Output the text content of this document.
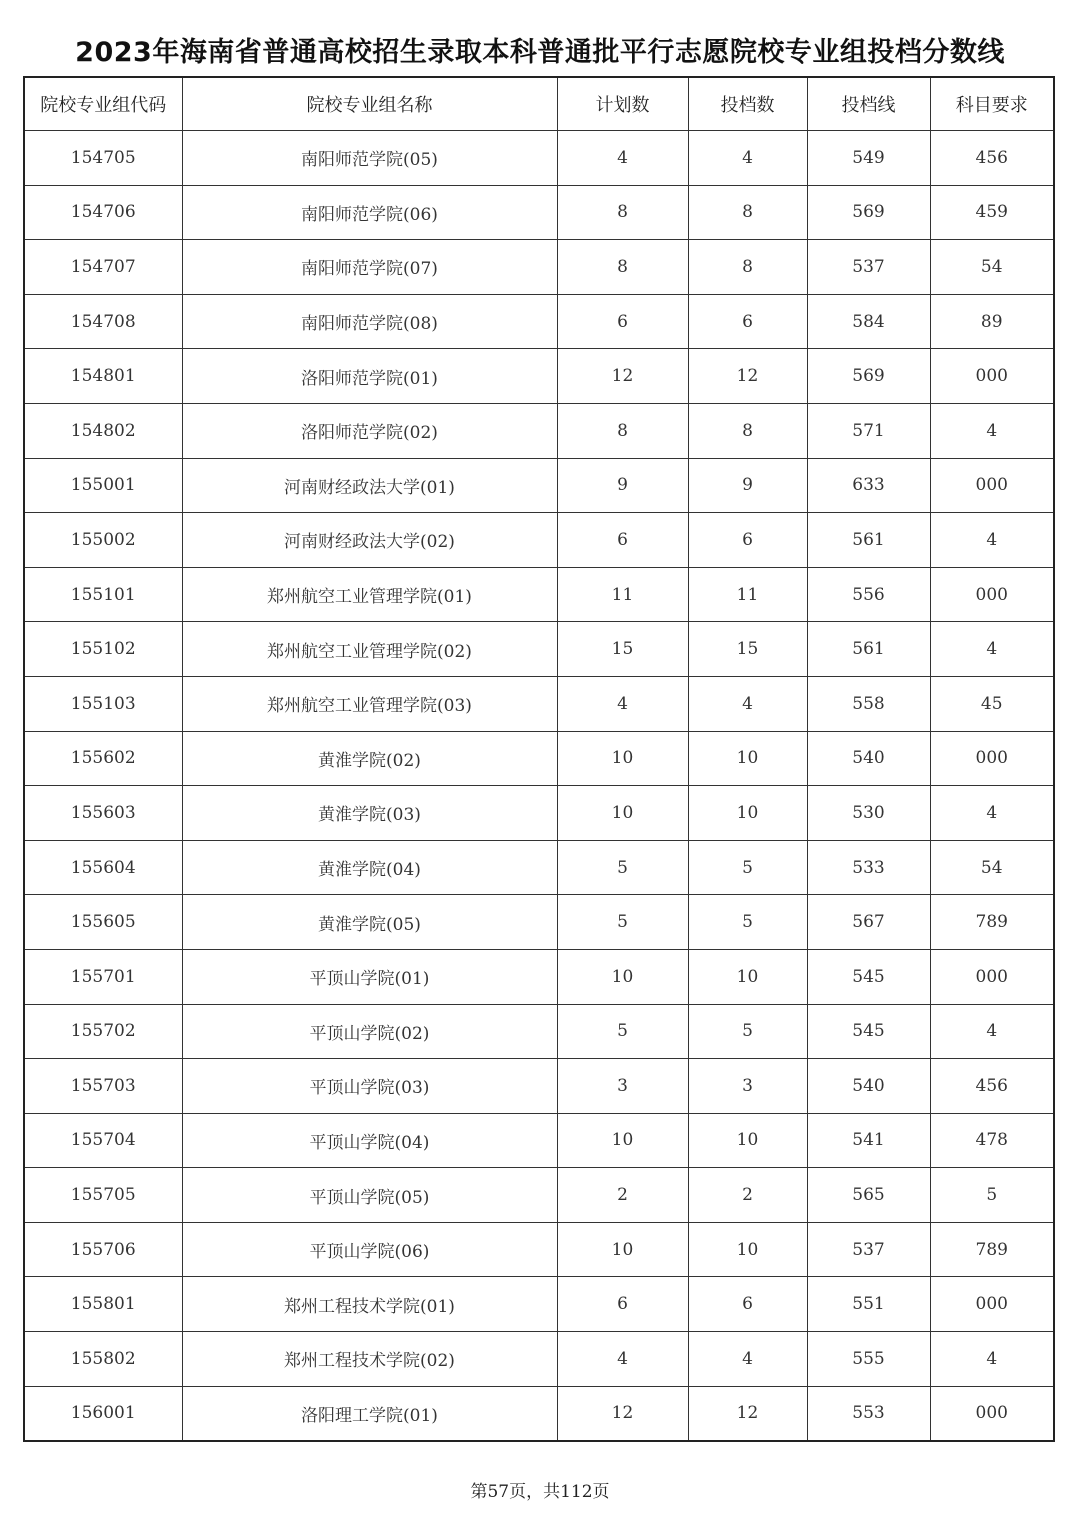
2023年海南省普通高校招生录取本科普通批平行志愿院校专业组投档分数线
院校专业组代码	院校专业组名称	计划数	投档数	投档线	科目要求
154705	南阳师范学院(05)	4	4	549	456
154706	南阳师范学院(06)	8	8	569	459
154707	南阳师范学院(07)	8	8	537	54
154708	南阳师范学院(08)	6	6	584	89
154801	洛阳师范学院(01)	12	12	569	000
154802	洛阳师范学院(02)	8	8	571	4
155001	河南财经政法大学(01)	9	9	633	000
155002	河南财经政法大学(02)	6	6	561	4
155101	郑州航空工业管理学院(01)	11	11	556	000
155102	郑州航空工业管理学院(02)	15	15	561	4
155103	郑州航空工业管理学院(03)	4	4	558	45
155602	黄淮学院(02)	10	10	540	000
155603	黄淮学院(03)	10	10	530	4
155604	黄淮学院(04)	5	5	533	54
155605	黄淮学院(05)	5	5	567	789
155701	平顶山学院(01)	10	10	545	000
155702	平顶山学院(02)	5	5	545	4
155703	平顶山学院(03)	3	3	540	456
155704	平顶山学院(04)	10	10	541	478
155705	平顶山学院(05)	2	2	565	5
155706	平顶山学院(06)	10	10	537	789
155801	郑州工程技术学院(01)	6	6	551	000
155802	郑州工程技术学院(02)	4	4	555	4
156001	洛阳理工学院(01)	12	12	553	000
第57页，共112页
